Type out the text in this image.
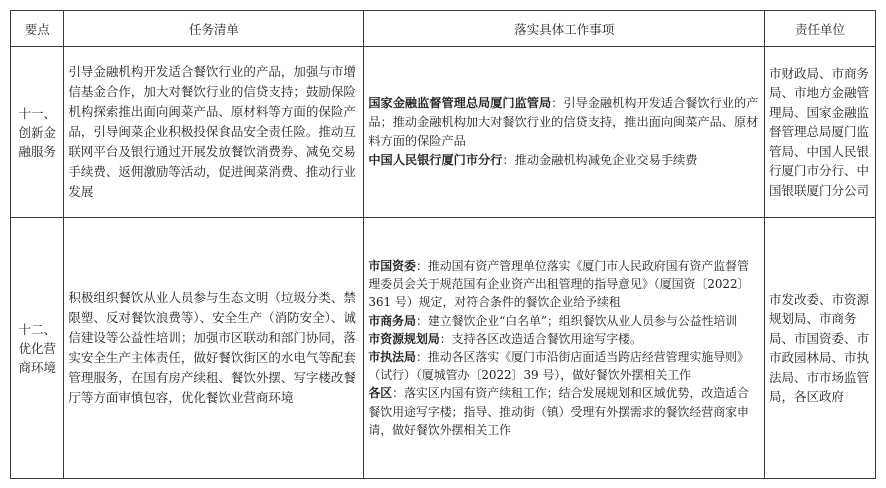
要点	任务清单	落实具体工作事项	责任单位
十一、创新金融服务	引导金融机构开发适合餐饮行业的产品，加强与市增信基金合作，加大对餐饮行业的信贷支持；鼓励保险机构探索推出面向闽菜产品、原材料等方面的保险产品，引导闽菜企业积极投保食品安全责任险。推动互联网平台及银行通过开展发放餐饮消费券、减免交易手续费、返佣激励等活动，促进闽菜消费、推动行业发展	国家金融监督管理总局厦门监管局：引导金融机构开发适合餐饮行业的产品；推动金融机构加大对餐饮行业的信贷支持，推出面向闽菜产品、原材料方面的保险产品

中国人民银行厦门市分行：推动金融机构减免企业交易手续费	市财政局、市商务局、市地方金融管理局、国家金融监督管理总局厦门监管局、中国人民银行厦门市分行、中国银联厦门分公司
十二、优化营商环境	积极组织餐饮从业人员参与生态文明（垃圾分类、禁限塑、反对餐饮浪费等）、安全生产（消防安全）、诚信建设等公益性培训；加强市区联动和部门协同，落实安全生产主体责任，做好餐饮街区的水电气等配套管理服务，在国有房产续租、餐饮外摆、写字楼改餐厅等方面审慎包容，优化餐饮业营商环境	市国资委：推动国有资产管理单位落实《厦门市人民政府国有资产监督管理委员会关于规范国有企业资产出租管理的指导意见》（厦国资〔2022〕361 号）规定，对符合条件的餐饮企业给予续租

市商务局：建立餐饮企业“白名单”；组织餐饮从业人员参与公益性培训

市资源规划局：支持各区改造适合餐饮用途写字楼。

市执法局：推动各区落实《厦门市沿街店面适当跨店经营管理实施导则》（试行）（厦城管办〔2022〕39 号），做好餐饮外摆相关工作

各区：落实区内国有资产续租工作；结合发展规划和区域优势，改造适合餐饮用途写字楼；指导、推动街（镇）受理有外摆需求的餐饮经营商家申请，做好餐饮外摆相关工作	市发改委、市资源规划局、市商务局、市国资委、市市政园林局、市执法局、市市场监管局，各区政府
